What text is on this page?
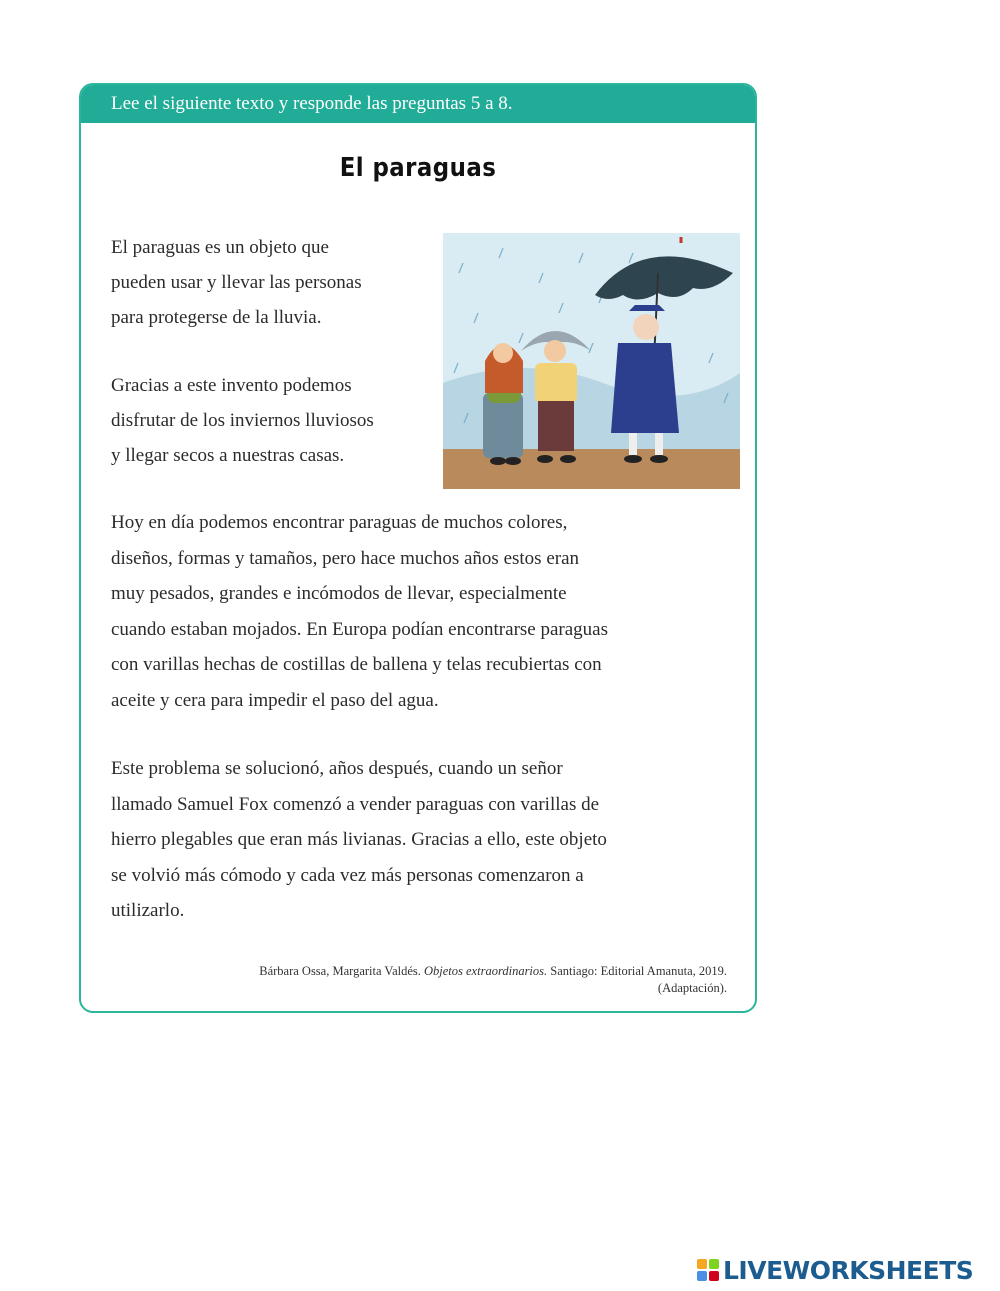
Lee el siguiente texto y responde las preguntas 5 a 8.
El paraguas

El paraguas es un objeto que
pueden usar y llevar las personas
para protegerse de la lluvia.

Gracias a este invento podemos
disfrutar de los inviernos lluviosos
y llegar secos a nuestras casas.

Hoy en día podemos encontrar paraguas de muchos colores,
diseños, formas y tamaños, pero hace muchos años estos eran
muy pesados, grandes e incómodos de llevar, especialmente
cuando estaban mojados. En Europa podían encontrarse paraguas
con varillas hechas de costillas de ballena y telas recubiertas con
aceite y cera para impedir el paso del agua.

Este problema se solucionó, años después, cuando un señor
llamado Samuel Fox comenzó a vender paraguas con varillas de
hierro plegables que eran más livianas. Gracias a ello, este objeto
se volvió más cómodo y cada vez más personas comenzaron a
utilizarlo.

Bárbara Ossa, Margarita Valdés. Objetos extraordinarios. Santiago: Editorial Amanuta, 2019.
(Adaptación).
LIVEWORKSHEETS
